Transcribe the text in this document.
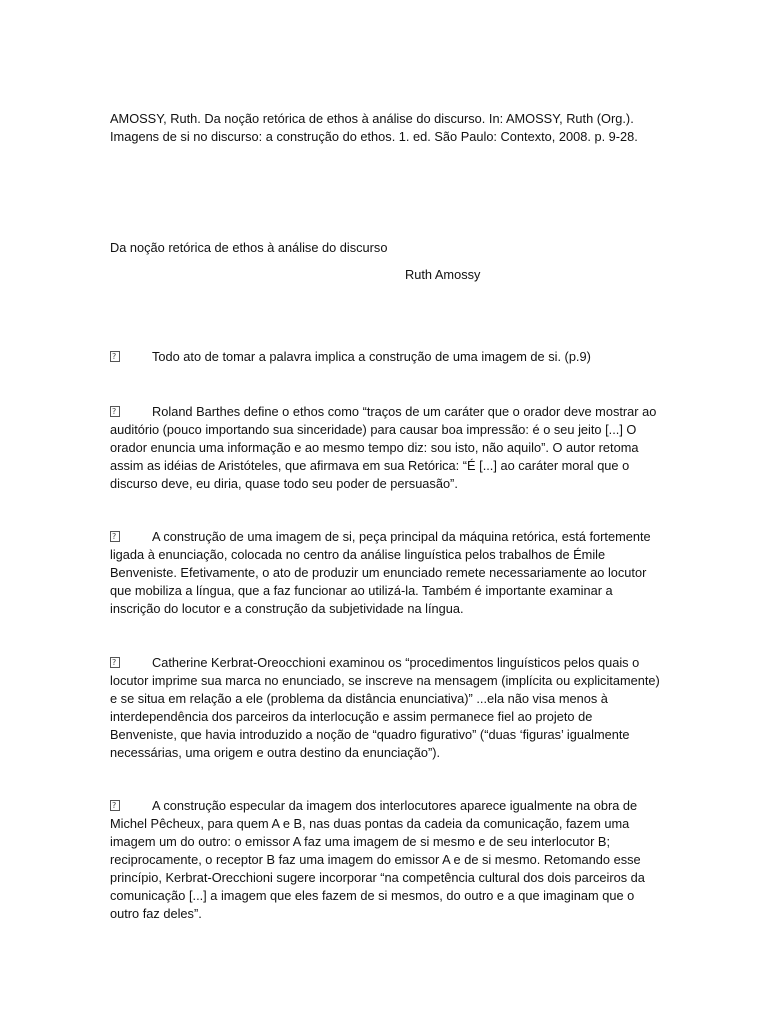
AMOSSY, Ruth. Da noção retórica de ethos à análise do discurso. In: AMOSSY, Ruth (Org.). Imagens de si no discurso: a construção do ethos. 1. ed. São Paulo: Contexto, 2008. p. 9-28.

Da noção retórica de ethos à análise do discurso

Ruth Amossy

?Todo ato de tomar a palavra implica a construção de uma imagem de si. (p.9)

?Roland Barthes define o ethos como “traços de um caráter que o orador deve mostrar ao auditório (pouco importando sua sinceridade) para causar boa impressão: é o seu jeito [...] O orador enuncia uma informação e ao mesmo tempo diz: sou isto, não aquilo”. O autor retoma assim as idéias de Aristóteles, que afirmava em sua Retórica: “É [...] ao caráter moral que o discurso deve, eu diria, quase todo seu poder de persuasão”.

?A construção de uma imagem de si, peça principal da máquina retórica, está fortemente ligada à enunciação, colocada no centro da análise linguística pelos trabalhos de Émile Benveniste. Efetivamente, o ato de produzir um enunciado remete necessariamente ao locutor que mobiliza a língua, que a faz funcionar ao utilizá-la. Também é importante examinar a inscrição do locutor e a construção da subjetividade na língua.

?Catherine Kerbrat-Oreocchioni examinou os “procedimentos linguísticos pelos quais o locutor imprime sua marca no enunciado, se inscreve na mensagem (implícita ou explicitamente) e se situa em relação a ele (problema da distância enunciativa)” ...ela não visa menos à interdependência dos parceiros da interlocução e assim permanece fiel ao projeto de Benveniste, que havia introduzido a noção de “quadro figurativo” (“duas ‘figuras’ igualmente necessárias, uma origem e outra destino da enunciação”).

?A construção especular da imagem dos interlocutores aparece igualmente na obra de Michel Pêcheux, para quem A e B, nas duas pontas da cadeia da comunicação, fazem uma imagem um do outro: o emissor A faz uma imagem de si mesmo e de seu interlocutor B; reciprocamente, o receptor B faz uma imagem do emissor A e de si mesmo. Retomando esse princípio, Kerbrat-Orecchioni sugere incorporar “na competência cultural dos dois parceiros da comunicação [...] a imagem que eles fazem de si mesmos, do outro e a que imaginam que o outro faz deles”.
